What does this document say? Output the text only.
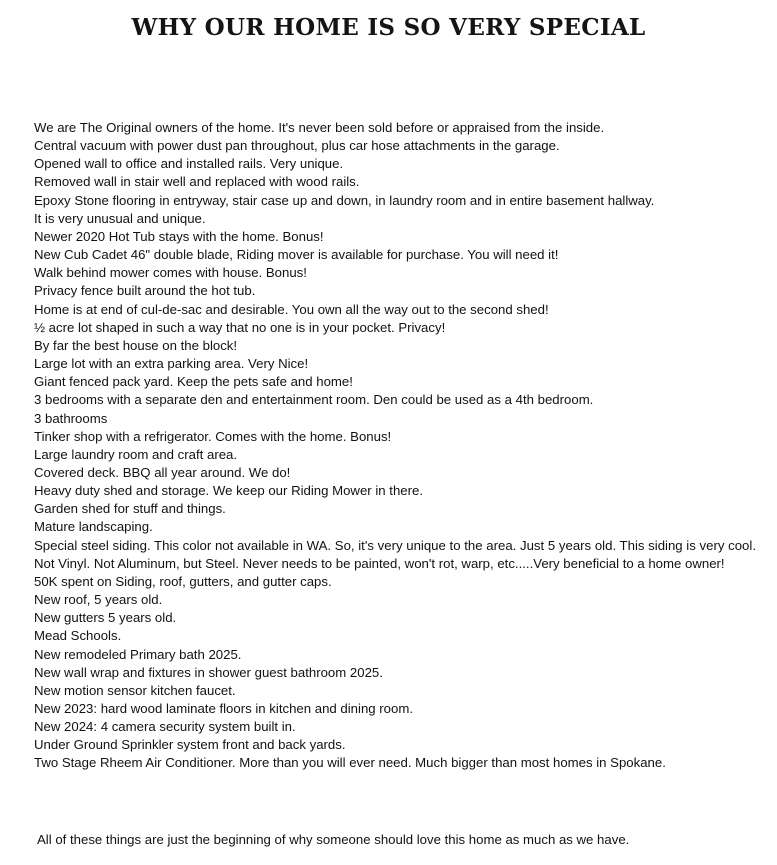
WHY OUR HOME IS SO VERY SPECIAL
We are The Original owners of the home. It's never been sold before or appraised from the inside.
Central vacuum with power dust pan throughout, plus car hose attachments in the garage.
Opened wall to office and installed rails. Very unique.
Removed wall in stair well and replaced with wood rails.
Epoxy Stone flooring in entryway, stair case up and down, in laundry room and in entire basement hallway.
It is very unusual and unique.
Newer 2020 Hot Tub stays with the home. Bonus!
New Cub Cadet 46" double blade, Riding mover is available for purchase. You will need it!
Walk behind mower comes with house. Bonus!
Privacy fence built around the hot tub.
Home is at end of cul-de-sac and desirable. You own all the way out to the second shed!
½ acre lot shaped in such a way that no one is in your pocket. Privacy!
By far the best house on the block!
Large lot with an extra parking area. Very Nice!
Giant fenced pack yard. Keep the pets safe and home!
3 bedrooms with a separate den and entertainment room. Den could be used as a 4th bedroom.
3 bathrooms
Tinker shop with a refrigerator. Comes with the home. Bonus!
Large laundry room and craft area.
Covered deck. BBQ all year around. We do!
Heavy duty shed and storage. We keep our Riding Mower in there.
Garden shed for stuff and things.
Mature landscaping.
Special steel siding. This color not available in WA. So, it's very unique to the area. Just 5 years old. This siding is very cool. Not Vinyl. Not Aluminum, but Steel. Never needs to be painted, won't rot, warp, etc.....Very beneficial to a home owner!
50K spent on Siding, roof, gutters, and gutter caps.
New roof, 5 years old.
New gutters 5 years old.
Mead Schools.
New remodeled Primary bath 2025.
New wall wrap and fixtures in shower guest bathroom 2025.
New motion sensor kitchen faucet.
New 2023: hard wood laminate floors in kitchen and dining room.
New 2024: 4 camera security system built in.
Under Ground Sprinkler system front and back yards.
Two Stage Rheem Air Conditioner. More than you will ever need. Much bigger than most homes in Spokane.
All of these things are just the beginning of why someone should love this home as much as we have.
